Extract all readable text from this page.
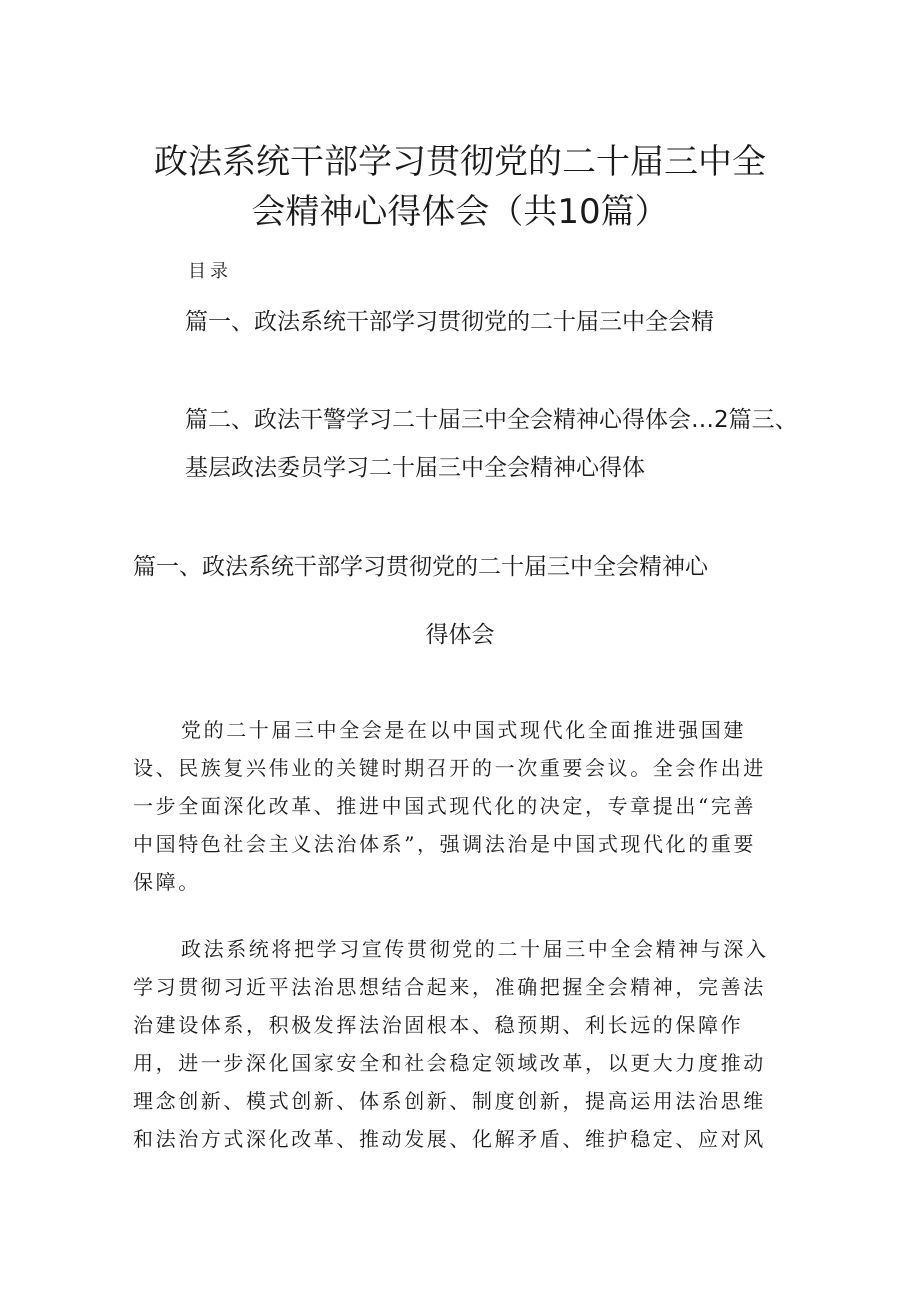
政法系统干部学习贯彻党的二十届三中全
会精神心得体会（共10篇）
目录
篇一、政法系统干部学习贯彻党的二十届三中全会精
篇二、政法干警学习二十届三中全会精神心得体会…2篇三、
基层政法委员学习二十届三中全会精神心得体
篇一、政法系统干部学习贯彻党的二十届三中全会精神心
得体会

党的二十届三中全会是在以中国式现代化全面推进强国建
设、民族复兴伟业的关键时期召开的一次重要会议。全会作出进
一步全面深化改革、推进中国式现代化的决定，专章提出“完善
中国特色社会主义法治体系”，强调法治是中国式现代化的重要
保障。

政法系统将把学习宣传贯彻党的二十届三中全会精神与深入
学习贯彻习近平法治思想结合起来，准确把握全会精神，完善法
治建设体系，积极发挥法治固根本、稳预期、利长远的保障作
用，进一步深化国家安全和社会稳定领域改革，以更大力度推动
理念创新、模式创新、体系创新、制度创新，提高运用法治思维
和法治方式深化改革、推动发展、化解矛盾、维护稳定、应对风
